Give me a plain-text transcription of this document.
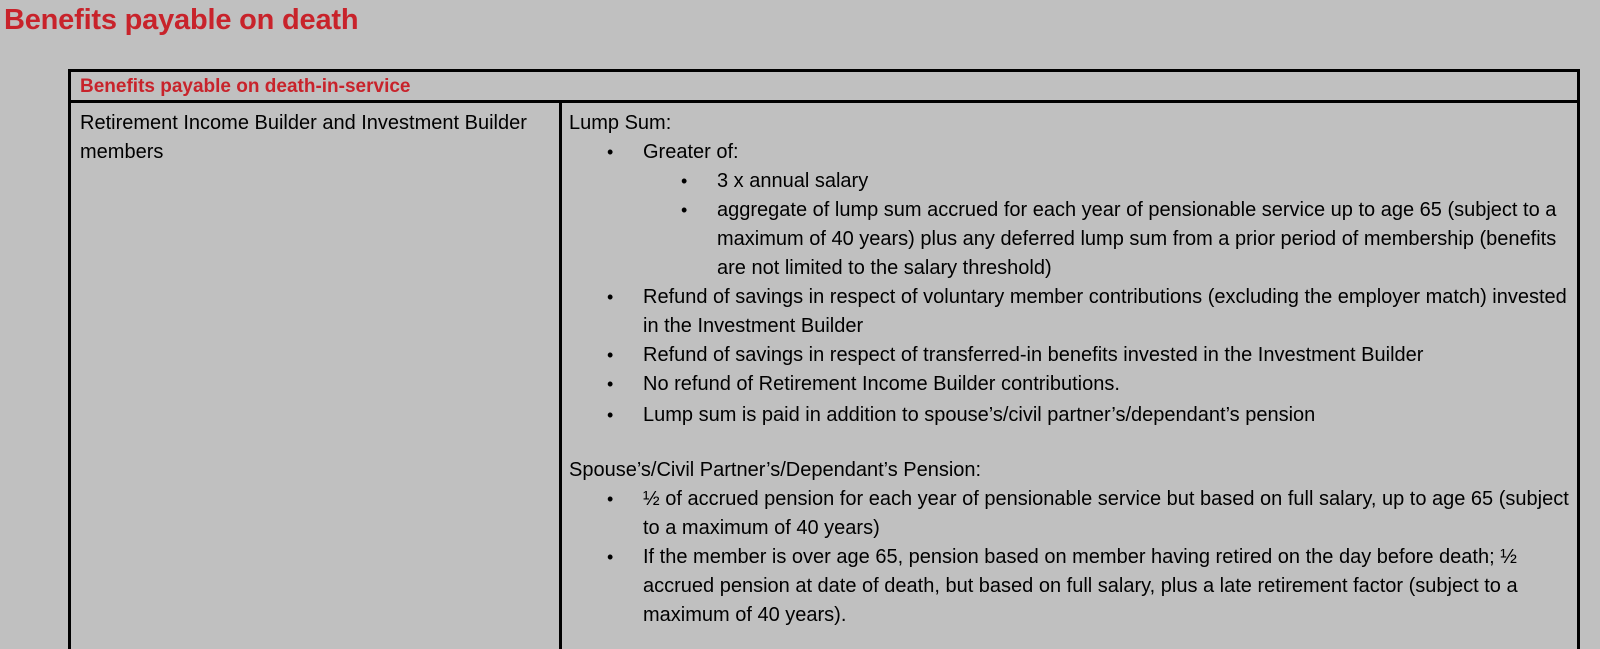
Benefits payable on death
Benefits payable on death-in-service
Retirement Income Builder and Investment Builder members

Lump Sum:

• Greater of:
• 3 x annual salary
• aggregate of lump sum accrued for each year of pensionable service up to age 65 (subject to a maximum of 40 years) plus any deferred lump sum from a prior period of membership (benefits are not limited to the salary threshold)
• Refund of savings in respect of voluntary member contributions (excluding the employer match) invested in the Investment Builder
• Refund of savings in respect of transferred-in benefits invested in the Investment Builder
• No refund of Retirement Income Builder contributions.
• Lump sum is paid in addition to spouse’s/civil partner’s/dependant’s pension

Spouse’s/Civil Partner’s/Dependant’s Pension:

• ½ of accrued pension for each year of pensionable service but based on full salary, up to age 65 (subject to a maximum of 40 years)
• If the member is over age 65, pension based on member having retired on the day before death; ½ accrued pension at date of death, but based on full salary, plus a late retirement factor (subject to a maximum of 40 years).
